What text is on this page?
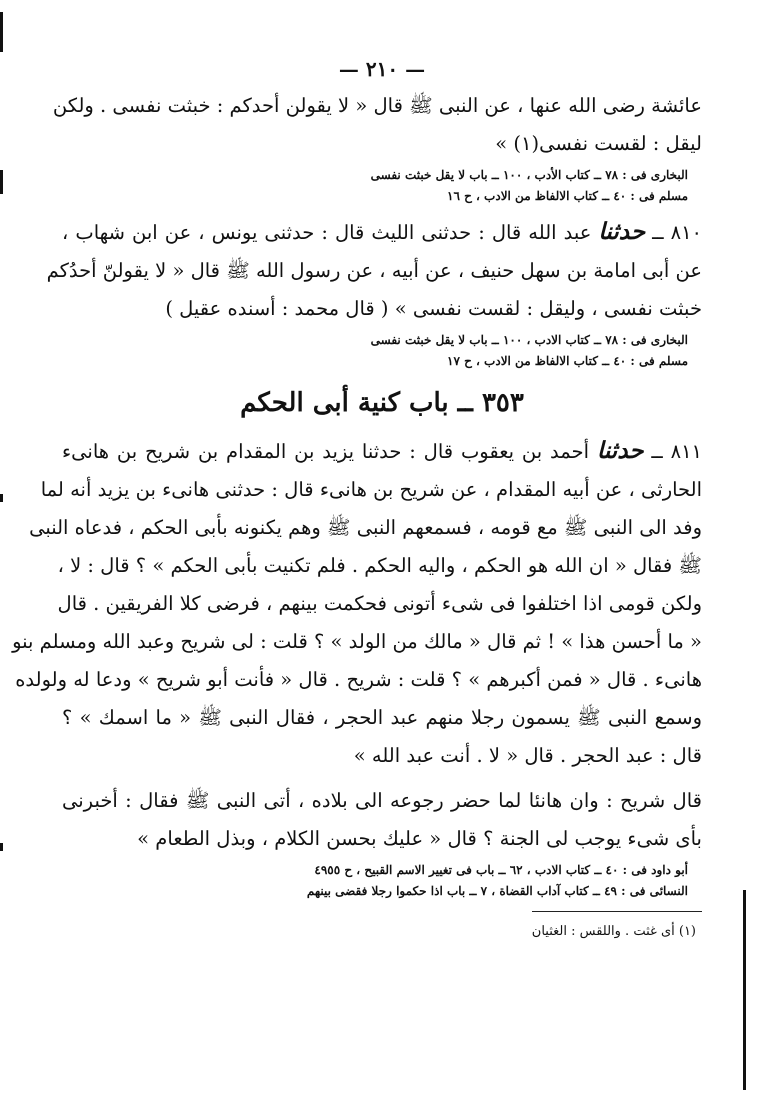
— ٢١٠ —
عائشة رضى الله عنها ، عن النبى ﷺ قال « لا يقولن أحدكم : خبثت نفسى . ولكن
ليقل : لقست نفسى(١) »
البخارى فى : ٧٨ ــ كتاب الأدب ، ١٠٠ ــ باب لا يقل خبثت نفسى
مسلم فى : ٤٠ ــ كتاب الالفاظ من الادب ، ح ١٦
٨١٠ ــ حدثنا عبد الله قال : حدثنى الليث قال : حدثنى يونس ، عن ابن شهاب ،
عن أبى امامة بن سهل حنيف ، عن أبيه ، عن رسول الله ﷺ قال « لا يقولنّ أحدُكم
خبثت نفسى ، وليقل : لقست نفسى » ( قال محمد : أسنده عقيل )
البخارى فى : ٧٨ ــ كتاب الادب ، ١٠٠ ــ باب لا يقل خبثت نفسى
مسلم فى : ٤٠ ــ كتاب الالفاظ من الادب ، ح ١٧
٣٥٣ ــ باب كنية أبى الحكم
٨١١ ــ حدثنا أحمد بن يعقوب قال : حدثنا يزيد بن المقدام بن شريح بن هانىء
الحارثى ، عن أبيه المقدام ، عن شريح بن هانىء قال : حدثنى هانىء بن يزيد أنه لما
وفد الى النبى ﷺ مع قومه ، فسمعهم النبى ﷺ وهم يكنونه بأبى الحكم ، فدعاه النبى
ﷺ فقال « ان الله هو الحكم ، واليه الحكم . فلم تكنيت بأبى الحكم » ؟ قال : لا ،
ولكن قومى اذا اختلفوا فى شىء أتونى فحكمت بينهم ، فرضى كلا الفريقين . قال
« ما أحسن هذا » ! ثم قال « مالك من الولد » ؟ قلت : لى شريح وعبد الله ومسلم بنو
هانىء . قال « فمن أكبرهم » ؟ قلت : شريح . قال « فأنت أبو شريح » ودعا له ولولده
وسمع النبى ﷺ يسمون رجلا منهم عبد الحجر ، فقال النبى ﷺ « ما اسمك » ؟
قال : عبد الحجر . قال « لا . أنت عبد الله »
قال شريح : وان هانئا لما حضر رجوعه الى بلاده ، أتى النبى ﷺ فقال : أخبرنى
بأى شىء يوجب لى الجنة ؟ قال « عليك بحسن الكلام ، وبذل الطعام »
أبو داود فى : ٤٠ ــ كتاب الادب ، ٦٢ ــ باب فى تغيير الاسم القبيح ، ح ٤٩٥٥
النسائى فى : ٤٩ ــ كتاب آداب القضاة ، ٧ ــ باب اذا حكموا رجلا فقضى بينهم
(١) أى غثت . واللقس : الغثيان
